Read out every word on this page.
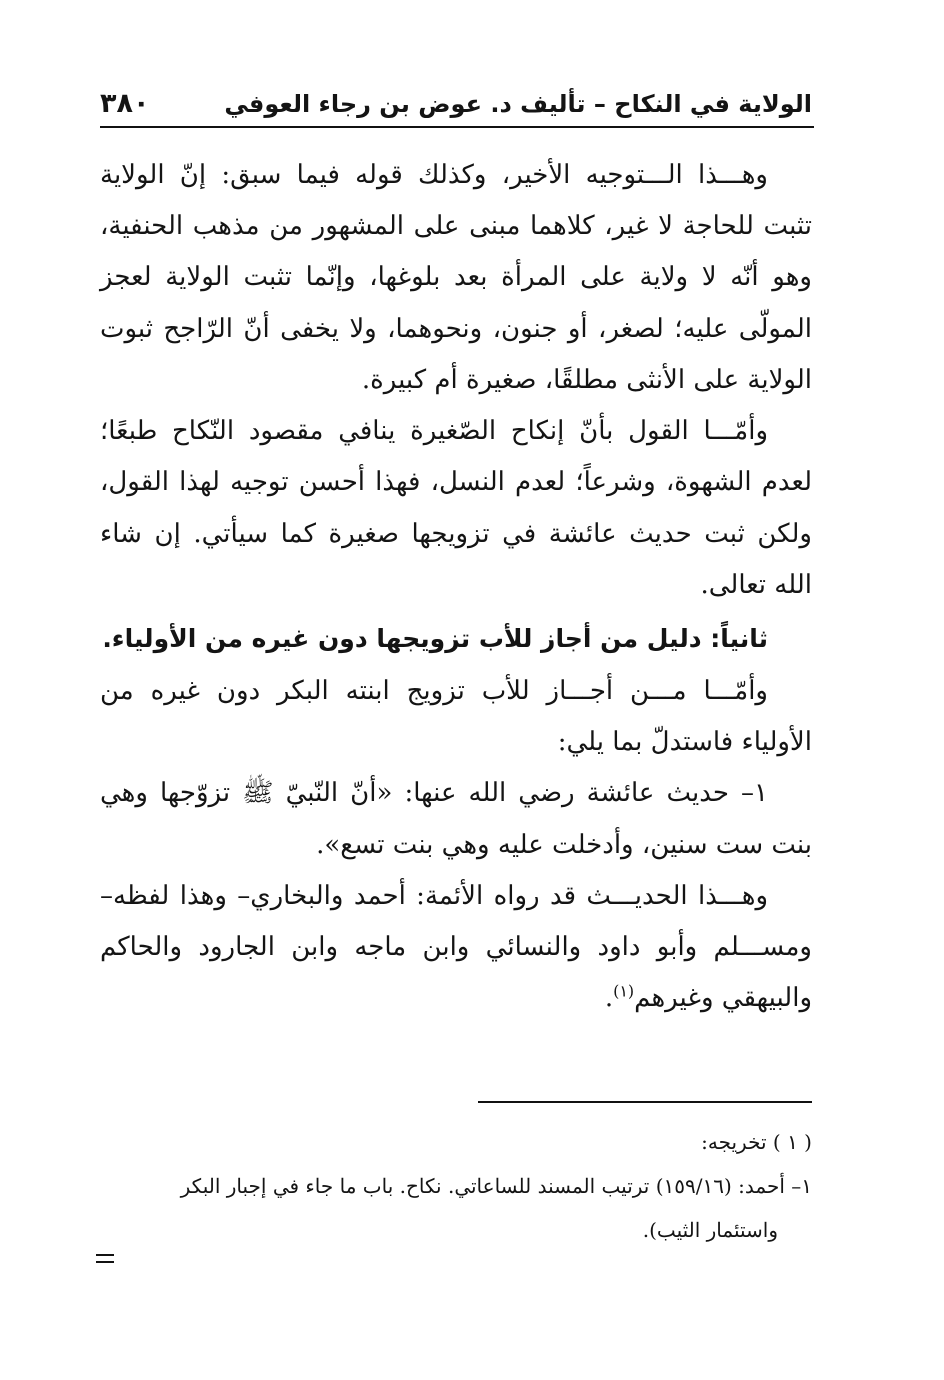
الولاية في النكاح – تأليف د. عوض بن رجاء العوفي
٣٨٠

وهـــذا الـــتوجيه الأخير، وكذلك قوله فيما سبق: إنّ الولاية تثبت للحاجة لا غير، كلاهما مبنى على المشهور من مذهب الحنفية، وهو أنّه لا ولاية على المرأة بعد بلوغها، وإنّما تثبت الولاية لعجز المولّى عليه؛ لصغر، أو جنون، ونحوهما، ولا يخفى أنّ الرّاجح ثبوت الولاية على الأنثى مطلقًا، صغيرة أم كبيرة.

وأمّـــا القول بأنّ إنكاح الصّغيرة ينافي مقصود النّكاح طبعًا؛ لعدم الشهوة، وشرعاً؛ لعدم النسل، فهذا أحسن توجيه لهذا القول، ولكن ثبت حديث عائشة في تزويجها صغيرة كما سيأتي. إن شاء الله تعالى.

ثانياً: دليل من أجاز للأب تزويجها دون غيره من الأولياء.

وأمّـــا مـــن أجـــاز للأب تزويج ابنته البكر دون غيره من الأولياء فاستدلّ بما يلي:

١– حديث عائشة رضي الله عنها: «أنّ النّبيّ ﷺ تزوّجها وهي بنت ست سنين، وأدخلت عليه وهي بنت تسع».

وهـــذا الحديـــث قد رواه الأئمة: أحمد والبخاري– وهذا لفظه– ومســـلم وأبو داود والنسائي وابن ماجه وابن الجارود والحاكم والبيهقي وغيرهم$^{(١)}$.

( ١ ) تخريجه:

١– أحمد: (١٥٩/١٦) ترتيب المسند للساعاتي. نكاح. باب ما جاء في إجبار البكر

واستئمار الثيب).
